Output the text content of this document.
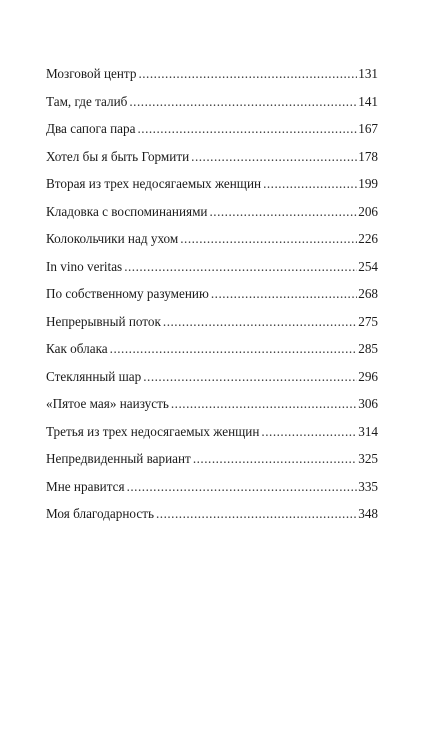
Мозговой центр .....	131
Там, где талиб .....	141
Два сапога пара .....	167
Хотел бы я быть Гормити .....	178
Вторая из трех недосягаемых женщин .....	199
Кладовка с воспоминаниями .....	206
Колокольчики над ухом .....	226
In vino veritas .....	254
По собственному разумению .....	268
Непрерывный поток .....	275
Как облака .....	285
Стеклянный шар .....	296
«Пятое мая» наизусть .....	306
Третья из трех недосягаемых женщин .....	314
Непредвиденный вариант .....	325
Мне нравится .....	335
Моя благодарность .....	348
